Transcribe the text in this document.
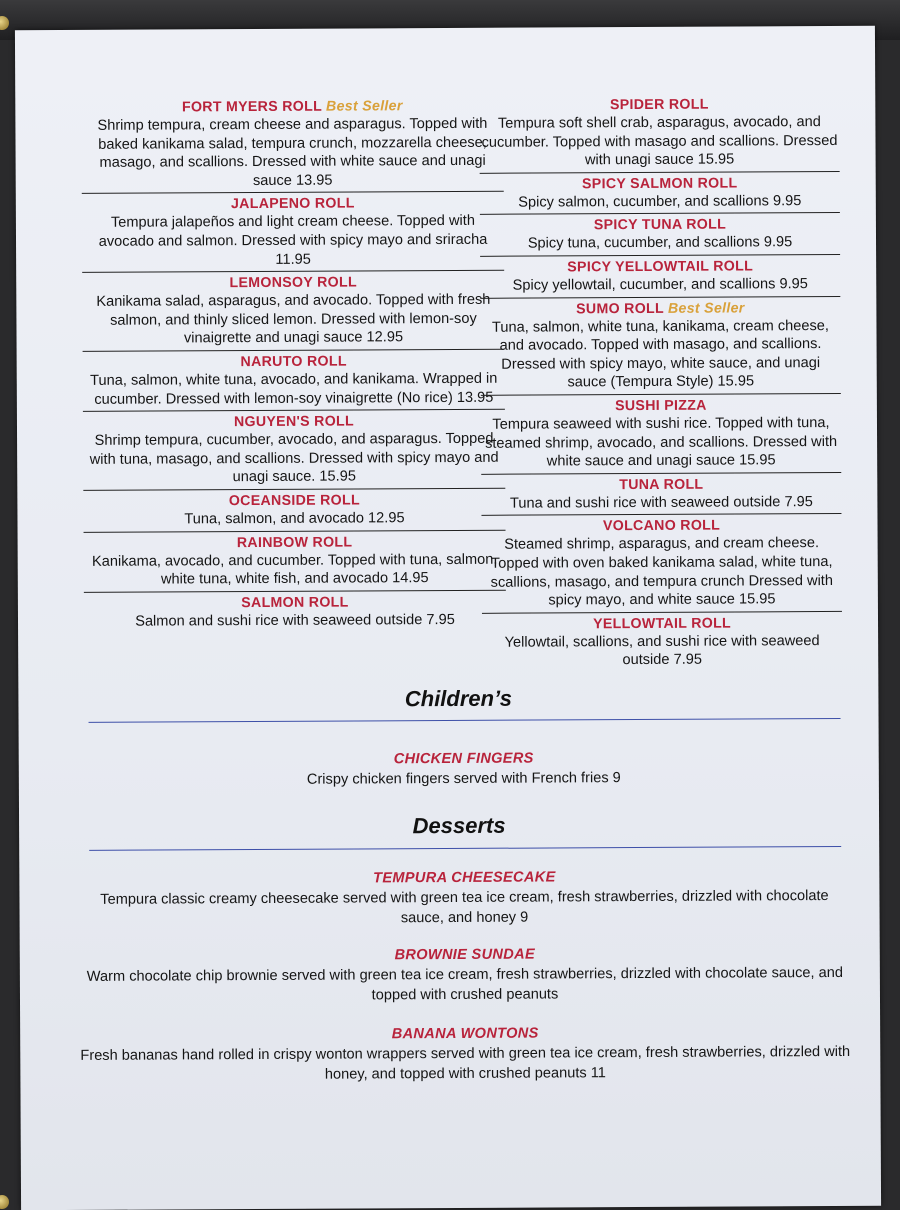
FORT MYERS ROLL Best Seller
Shrimp tempura, cream cheese and asparagus. Topped with baked kanikama salad, tempura crunch, mozzarella cheese, masago, and scallions. Dressed with white sauce and unagi sauce 13.95
JALAPENO ROLL
Tempura jalapeños and light cream cheese. Topped with avocado and salmon. Dressed with spicy mayo and sriracha 11.95
LEMONSOY ROLL
Kanikama salad, asparagus, and avocado. Topped with fresh salmon, and thinly sliced lemon. Dressed with lemon-soy vinaigrette and unagi sauce 12.95
NARUTO ROLL
Tuna, salmon, white tuna, avocado, and kanikama. Wrapped in cucumber. Dressed with lemon-soy vinaigrette (No rice) 13.95
NGUYEN'S ROLL
Shrimp tempura, cucumber, avocado, and asparagus. Topped with tuna, masago, and scallions. Dressed with spicy mayo and unagi sauce. 15.95
OCEANSIDE ROLL
Tuna, salmon, and avocado 12.95
RAINBOW ROLL
Kanikama, avocado, and cucumber. Topped with tuna, salmon, white tuna, white fish, and avocado 14.95
SALMON ROLL
Salmon and sushi rice with seaweed outside 7.95
SPIDER ROLL
Tempura soft shell crab, asparagus, avocado, and cucumber. Topped with masago and scallions. Dressed with unagi sauce 15.95
SPICY SALMON ROLL
Spicy salmon, cucumber, and scallions 9.95
SPICY TUNA ROLL
Spicy tuna, cucumber, and scallions 9.95
SPICY YELLOWTAIL ROLL
Spicy yellowtail, cucumber, and scallions 9.95
SUMO ROLL Best Seller
Tuna, salmon, white tuna, kanikama, cream cheese, and avocado. Topped with masago, and scallions. Dressed with spicy mayo, white sauce, and unagi sauce (Tempura Style) 15.95
SUSHI PIZZA
Tempura seaweed with sushi rice. Topped with tuna, steamed shrimp, avocado, and scallions. Dressed with white sauce and unagi sauce 15.95
TUNA ROLL
Tuna and sushi rice with seaweed outside 7.95
VOLCANO ROLL
Steamed shrimp, asparagus, and cream cheese. Topped with oven baked kanikama salad, white tuna, scallions, masago, and tempura crunch Dressed with spicy mayo, and white sauce 15.95
YELLOWTAIL ROLL
Yellowtail, scallions, and sushi rice with seaweed outside 7.95
Children’s
CHICKEN FINGERS
Crispy chicken fingers served with French fries 9
Desserts
TEMPURA CHEESECAKE
Tempura classic creamy cheesecake served with green tea ice cream, fresh strawberries, drizzled with chocolate sauce, and honey 9
BROWNIE SUNDAE
Warm chocolate chip brownie served with green tea ice cream, fresh strawberries, drizzled with chocolate sauce, and topped with crushed peanuts
BANANA WONTONS
Fresh bananas hand rolled in crispy wonton wrappers served with green tea ice cream, fresh strawberries, drizzled with honey, and topped with crushed peanuts 11
